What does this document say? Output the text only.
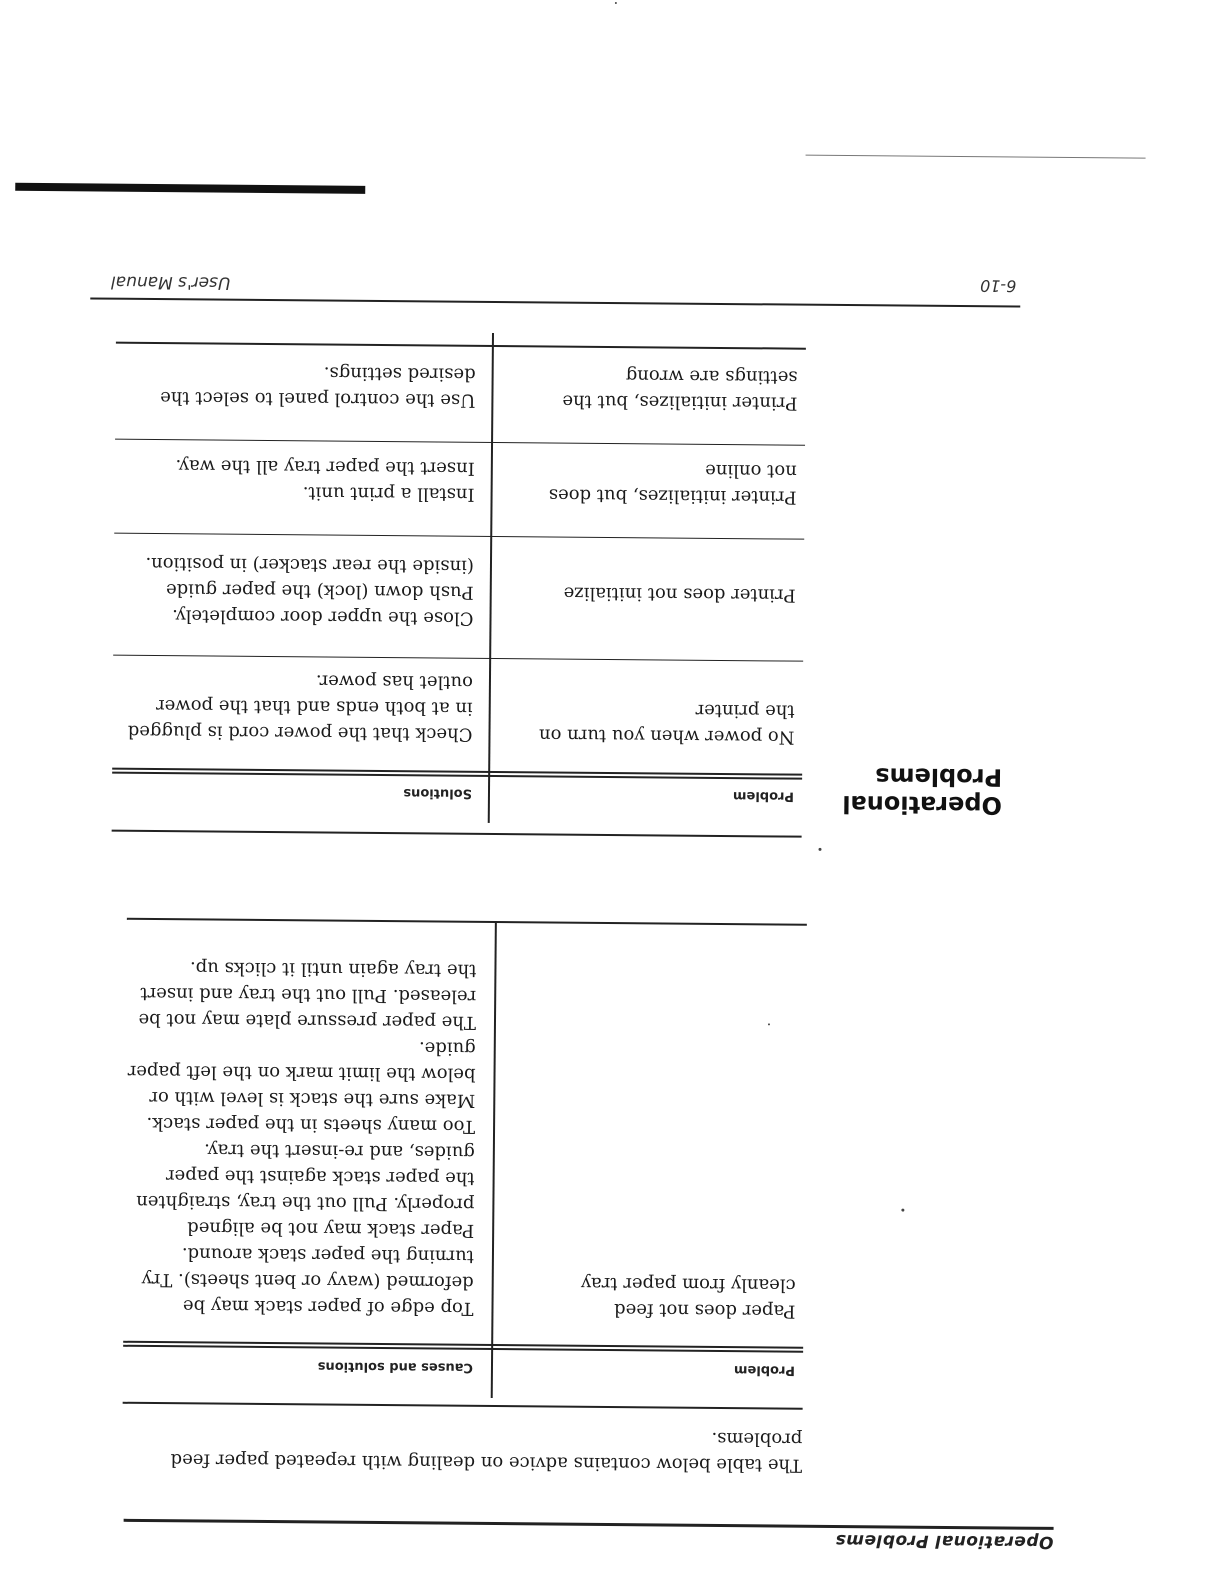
Operational Problems
The table below contains advice on dealing with repeated paper feed problems.
Problem
Causes and solutions
Paper does not feed cleanly from paper tray
Top edge of paper stack may be deformed (wavy or bent sheets). Try turning the paper stack around.
Paper stack may not be aligned properly. Pull out the tray, straighten the paper stack against the paper guides, and re-insert the tray.
Too many sheets in the paper stack. Make sure the stack is level with or below the limit mark on the left paper guide.
The paper pressure plate may not be released. Pull out the tray and insert the tray again until it clicks up.
Operational
Problems
Problem
Solutions
No power when you turn on the printer
Check that the power cord is plugged in at both ends and that the power outlet has power.
Printer does not initialize
Close the upper door completely.
Push down (lock) the paper guide (inside the rear stacker) in position.
Printer initializes, but does not online
Install a print unit.
Insert the paper tray all the way.
Printer initializes, but the settings are wrong
Use the control panel to select the desired settings.
6-10
User's Manual
